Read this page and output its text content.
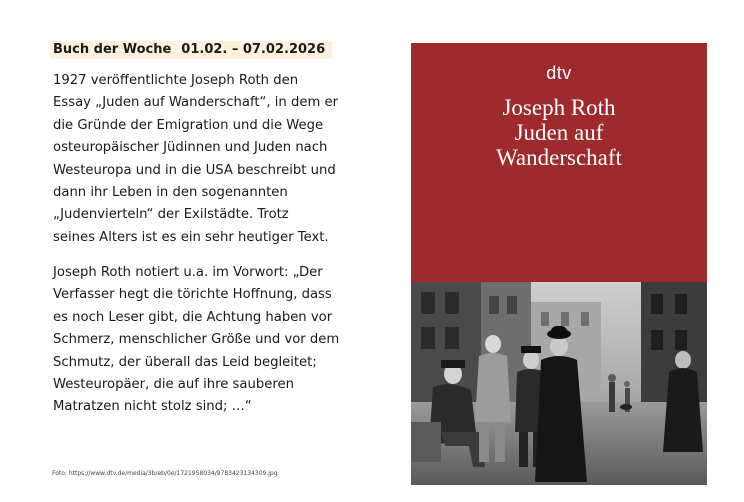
Buch der Woche 01.02. – 07.02.2026
1927 veröffentlichte Joseph Roth den
Essay „Juden auf Wanderschaft“, in dem er
die Gründe der Emigration und die Wege
osteuropäischer Jüdinnen und Juden nach
Westeuropa und in die USA beschreibt und
dann ihr Leben in den sogenannten
„Judenvierteln“ der Exilstädte. Trotz
seines Alters ist es ein sehr heutiger Text.
Joseph Roth notiert u.a. im Vorwort: „Der
Verfasser hegt die törichte Hoffnung, dass
es noch Leser gibt, die Achtung haben vor
Schmerz, menschlicher Größe und vor dem
Schmutz, der überall das Leid begleitet;
Westeuropäer, die auf ihre sauberen
Matratzen nicht stolz sind; …“
Foto: https://www.dtv.de/media/3b/eb/0e/1721958034/9783423134309.jpg
dtv
Joseph Roth
Juden auf
Wanderschaft
